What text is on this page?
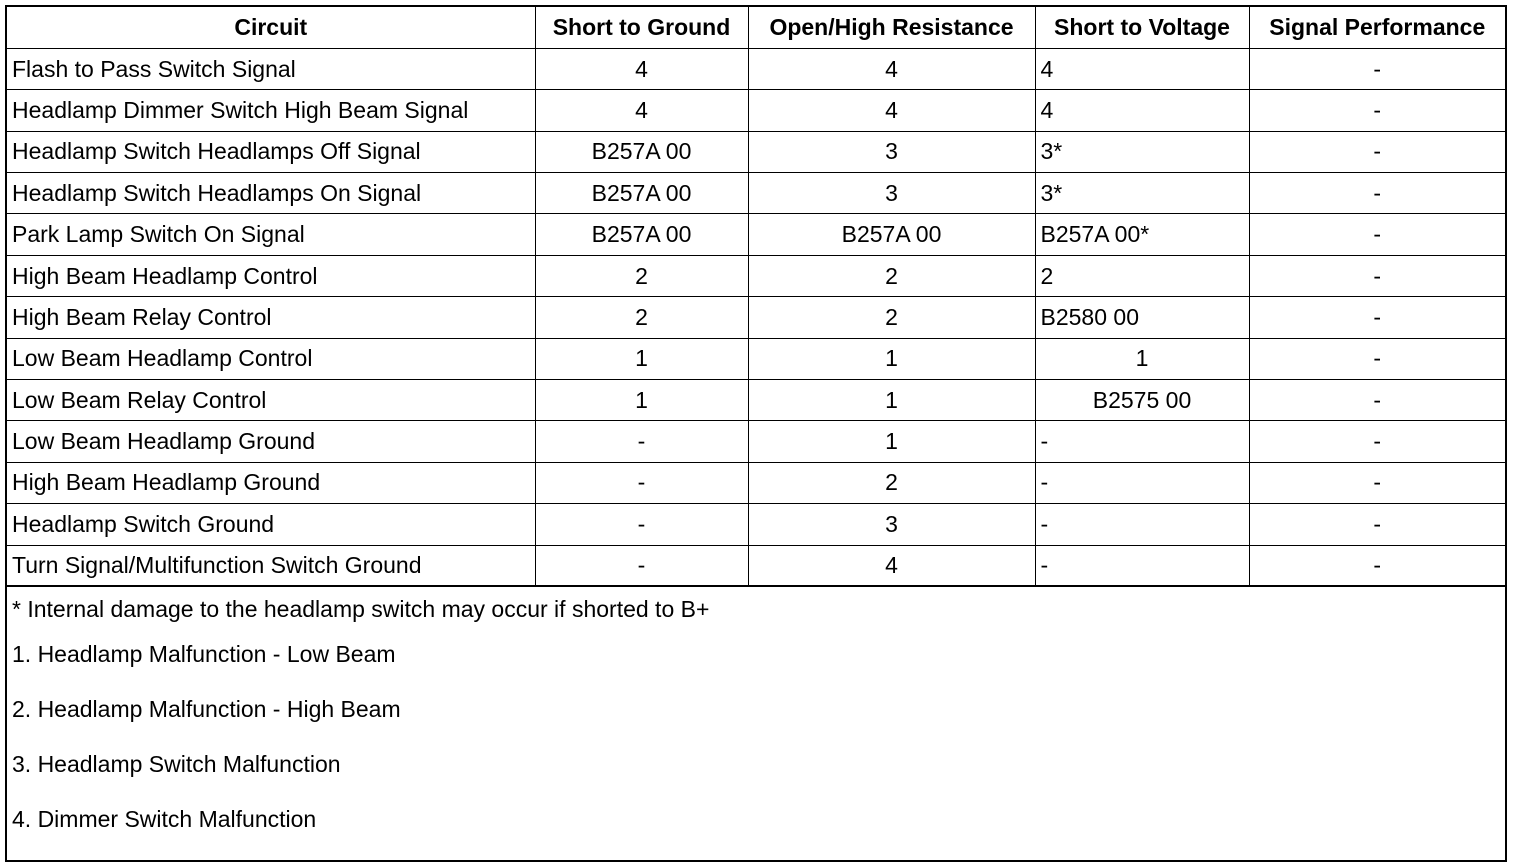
Circuit	Short to Ground	Open/High Resistance	Short to Voltage	Signal Performance
Flash to Pass Switch Signal	4	4	4	-
Headlamp Dimmer Switch High Beam Signal	4	4	4	-
Headlamp Switch Headlamps Off Signal	B257A 00	3	3*	-
Headlamp Switch Headlamps On Signal	B257A 00	3	3*	-
Park Lamp Switch On Signal	B257A 00	B257A 00	B257A 00*	-
High Beam Headlamp Control	2	2	2	-
High Beam Relay Control	2	2	B2580 00	-
Low Beam Headlamp Control	1	1	1	-
Low Beam Relay Control	1	1	B2575 00	-
Low Beam Headlamp Ground	-	1	-	-
High Beam Headlamp Ground	-	2	-	-
Headlamp Switch Ground	-	3	-	-
Turn Signal/Multifunction Switch Ground	-	4	-	-
* Internal damage to the headlamp switch may occur if shorted to B+
1. Headlamp Malfunction - Low Beam
2. Headlamp Malfunction - High Beam
3. Headlamp Switch Malfunction
4. Dimmer Switch Malfunction
